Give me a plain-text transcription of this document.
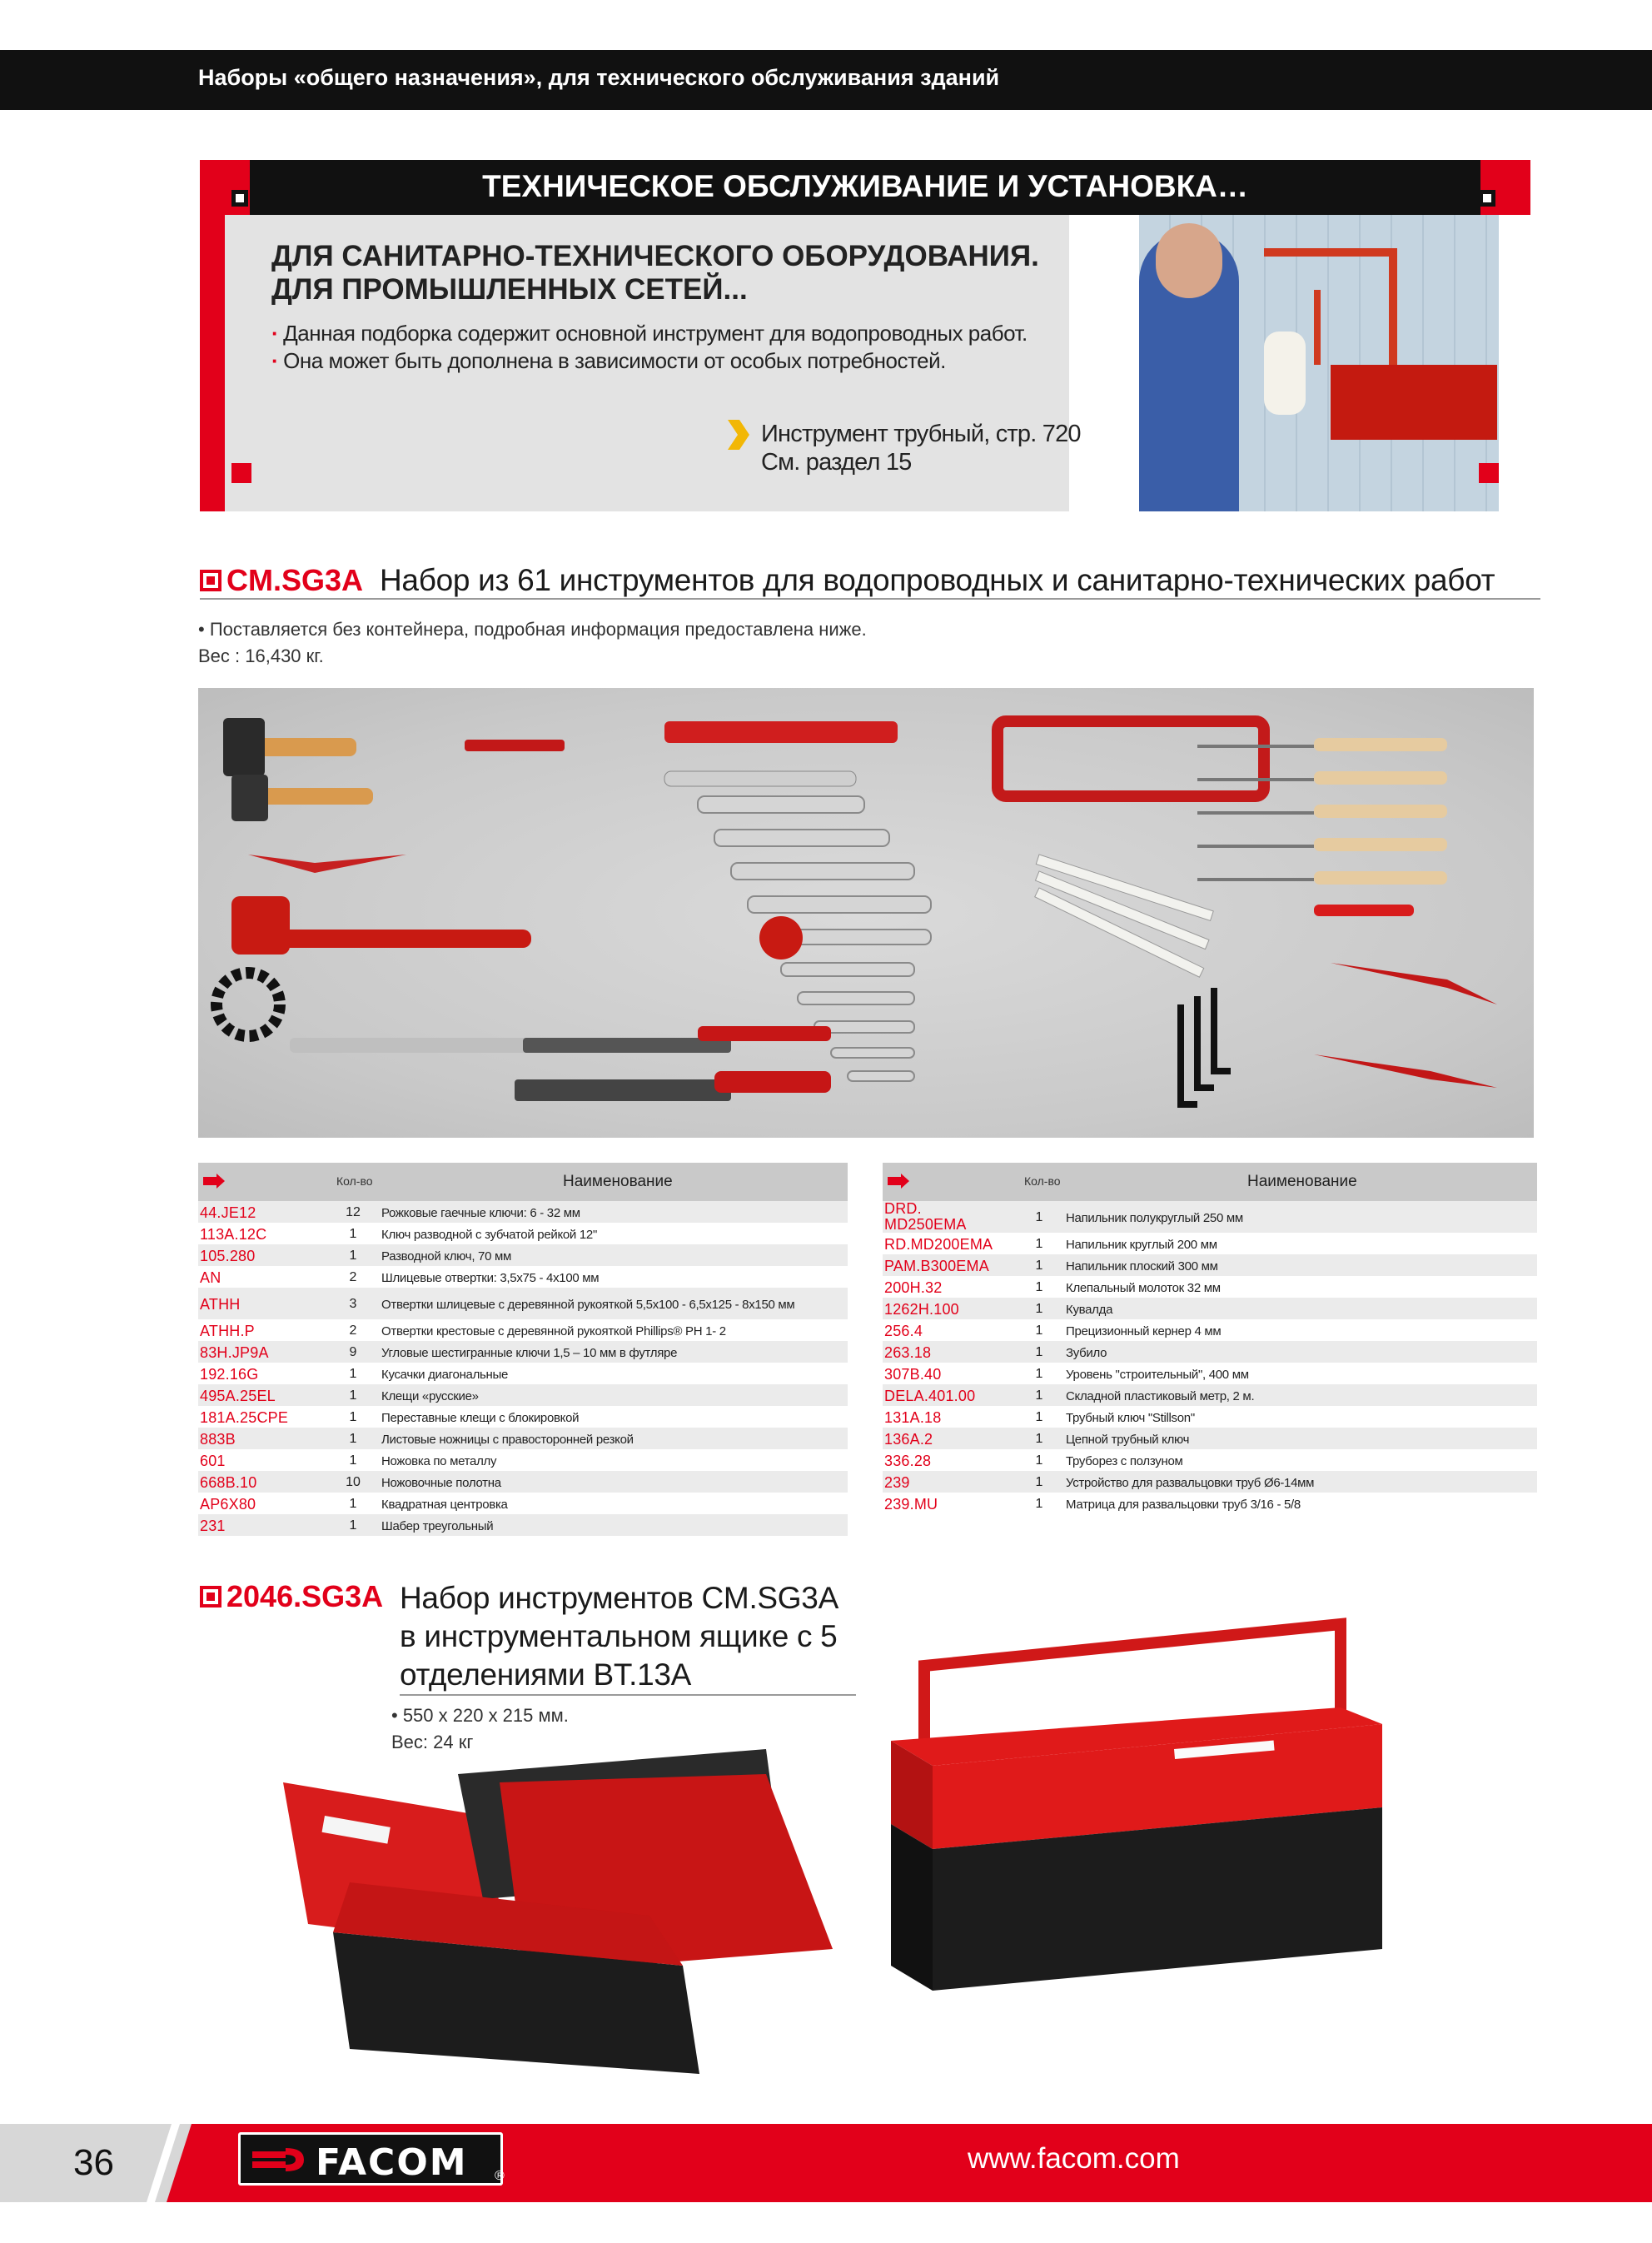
Наборы «общего назначения», для технического обслуживания зданий
ТЕХНИЧЕСКОЕ ОБСЛУЖИВАНИЕ И УСТАНОВКА…
ДЛЯ САНИТАРНО-ТЕХНИЧЕСКОГО ОБОРУДОВАНИЯ.
ДЛЯ ПРОМЫШЛЕННЫХ СЕТЕЙ...
· Данная подборка содержит основной инструмент для водопроводных работ.
· Она может быть дополнена в зависимости от особых потребностей.
Инструмент трубный, стр. 720
См. раздел 15
CM.SG3A Набор из 61 инструментов для водопроводных и санитарно-технических работ
• Поставляется без контейнера, подробная информация предоставлена ниже.
Вес : 16,430 кг.
Кол-во	Наименование
44.JE12	12	Рожковые гаечные ключи: 6 - 32 мм
113A.12C	1	Ключ разводной с зубчатой рейкой 12"
105.280	1	Разводной ключ, 70 мм
AN	2	Шлицевые отвертки: 3,5x75 - 4x100 мм
ATHH	3	Отвертки шлицевые с деревянной рукояткой 5,5x100 - 6,5x125 - 8x150 мм
ATHH.P	2	Отвертки крестовые с деревянной рукояткой Phillips® PH 1- 2
83H.JP9A	9	Угловые шестигранные ключи 1,5 – 10 мм в футляре
192.16G	1	Кусачки диагональные
495A.25EL	1	Клещи «русские»
181A.25CPE	1	Переставные клещи с блокировкой
883B	1	Листовые ножницы с правосторонней резкой
601	1	Ножовка по металлу
668B.10	10	Ножовочные полотна
AP6X80	1	Квадратная центровка
231	1	Шабер треугольный
Кол-во	Наименование
DRD.
MD250EMA	1	Напильник полукруглый 250 мм
RD.MD200EMA	1	Напильник круглый 200 мм
PAM.B300EMA	1	Напильник плоский 300 мм
200H.32	1	Клепальный молоток 32 мм
1262H.100	1	Кувалда
256.4	1	Прецизионный кернер 4 мм
263.18	1	Зубило
307B.40	1	Уровень "строительный", 400 мм
DELA.401.00	1	Складной пластиковый метр, 2 м.
131A.18	1	Трубный ключ "Stillson"
136A.2	1	Цепной трубный ключ
336.28	1	Труборез с ползуном
239	1	Устройство для развальцовки труб Ø6-14мм
239.MU	1	Матрица для развальцовки труб 3/16 - 5/8
2046.SG3A Набор инструментов CM.SG3A
в инструментальном ящике с 5
отделениями BT.13A
• 550 x 220 x 215 мм.
Вес: 24 кг
36	FACOM ®
www.facom.com
